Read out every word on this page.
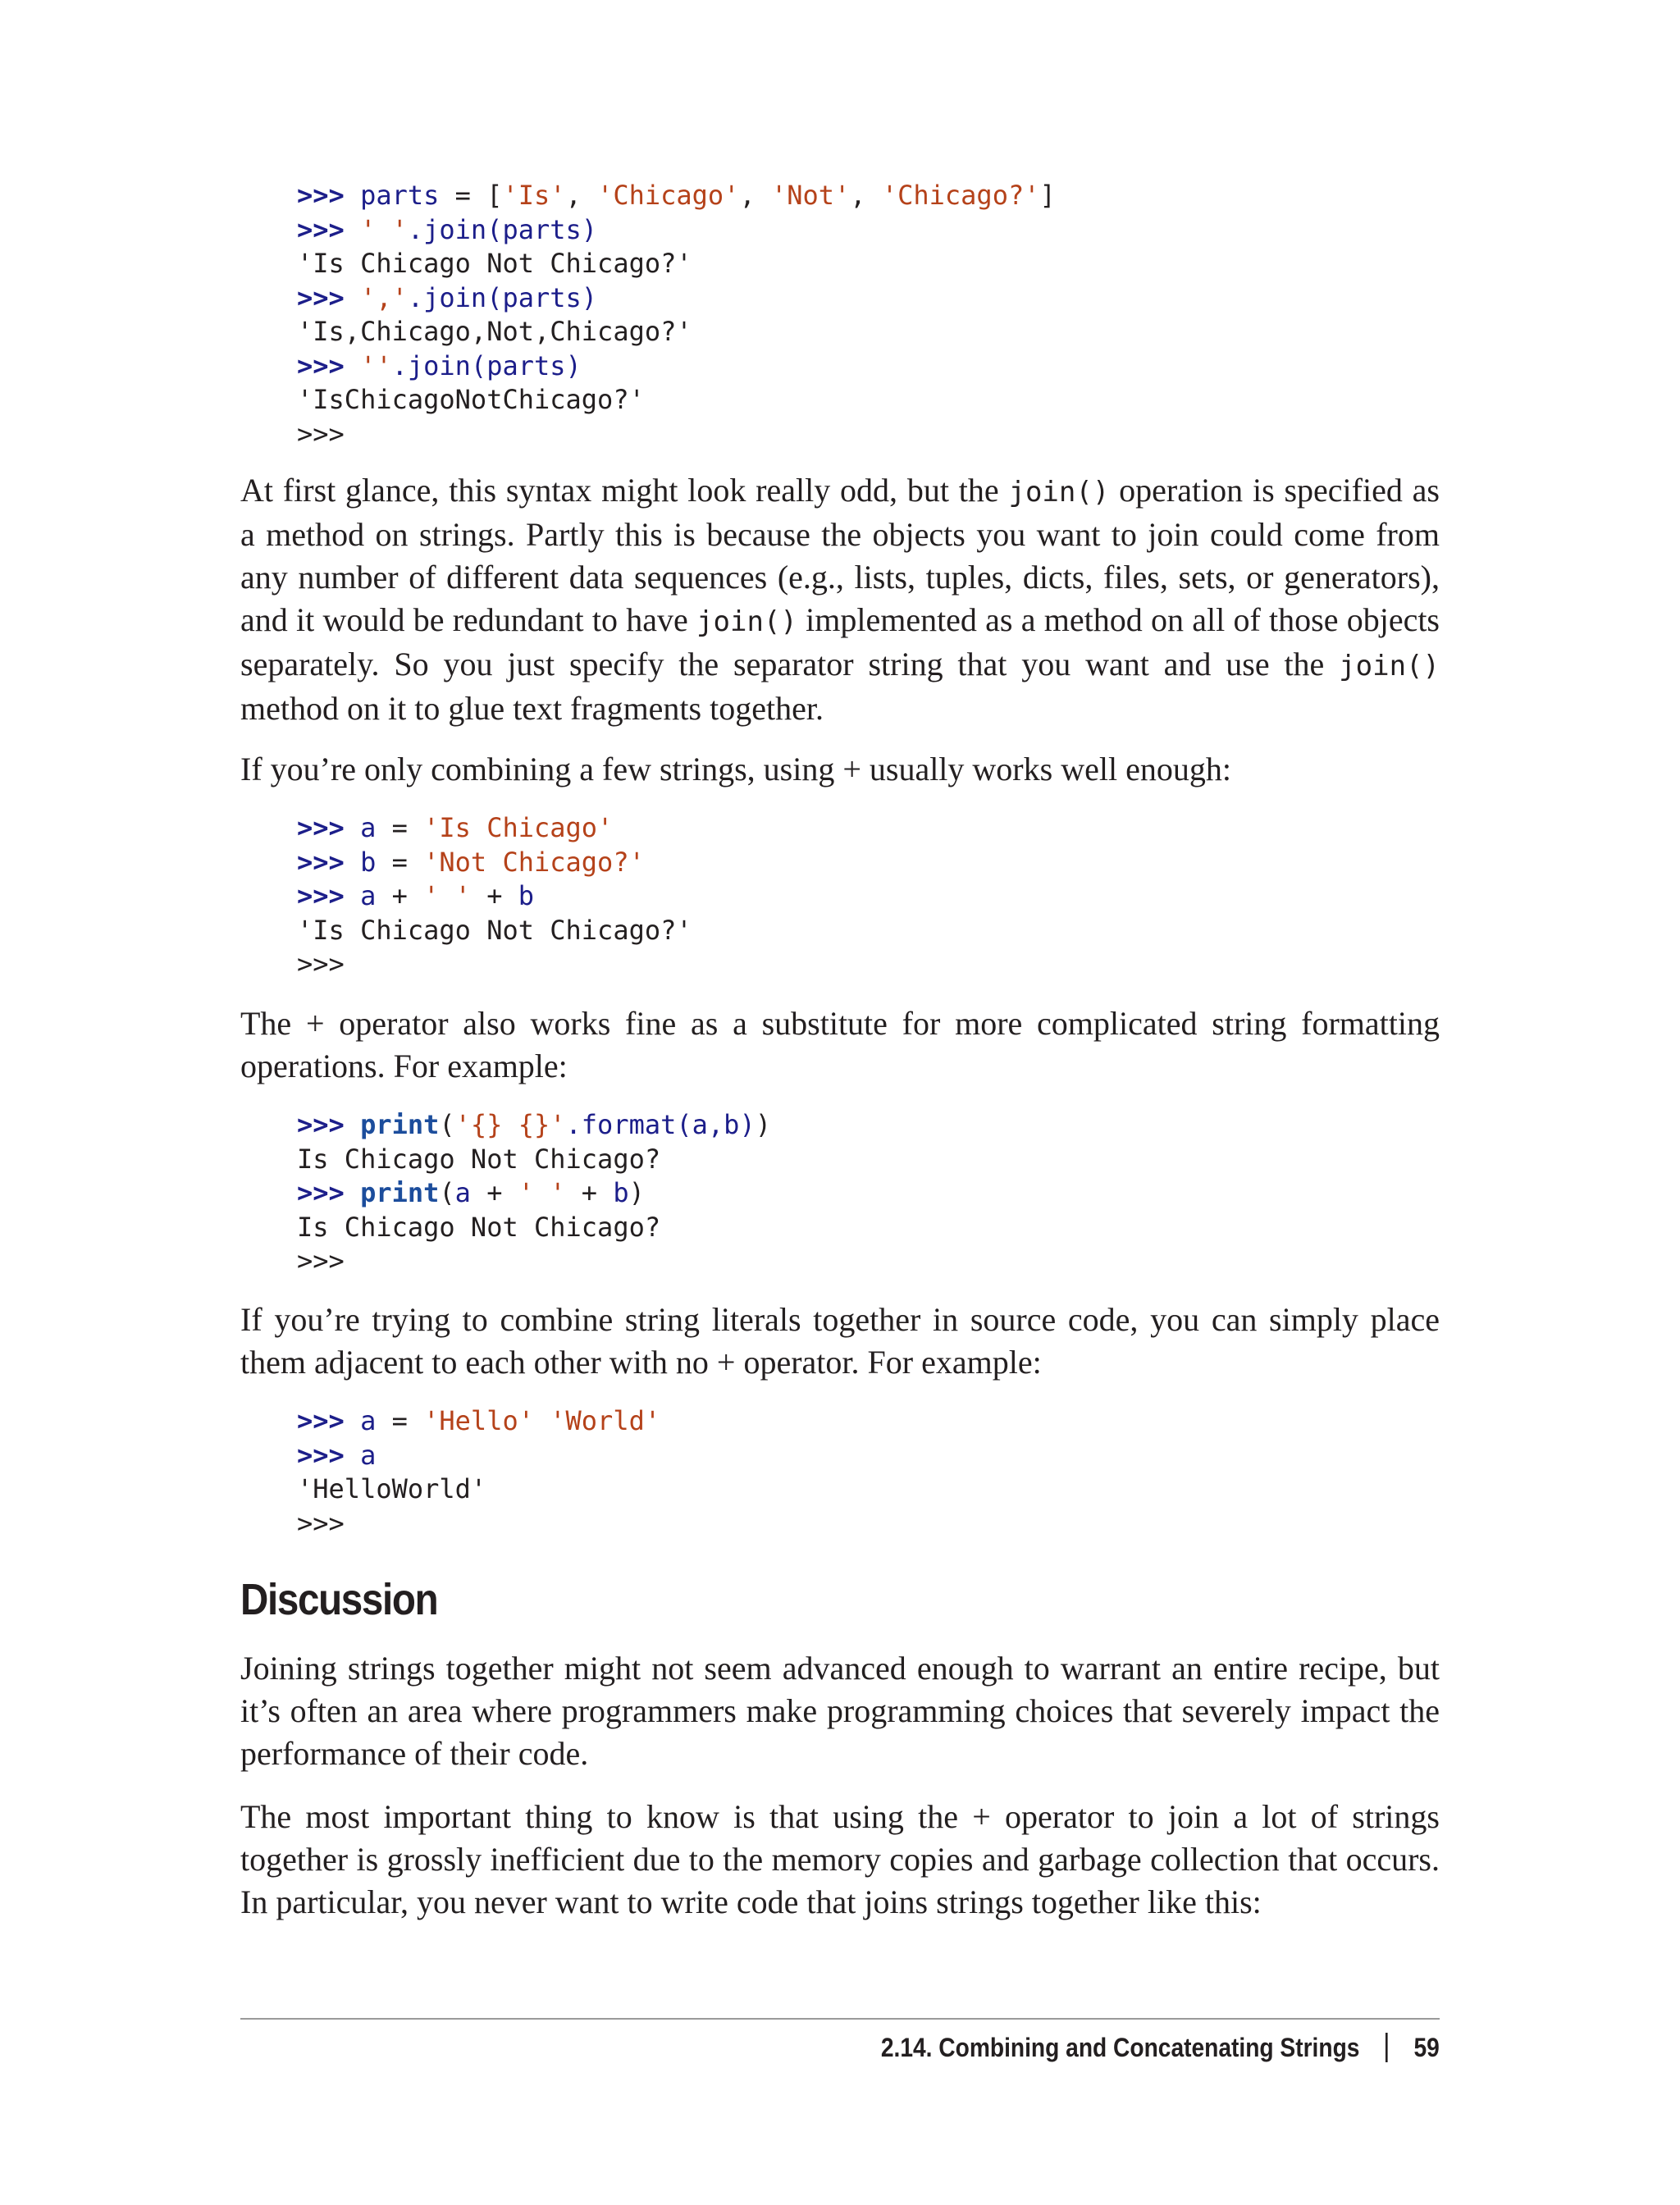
>>> parts = ['Is', 'Chicago', 'Not', 'Chicago?']
>>> ' '.join(parts)
'Is Chicago Not Chicago?'
>>> ','.join(parts)
'Is,Chicago,Not,Chicago?'
>>> ''.join(parts)
'IsChicagoNotChicago?'
>>>
At first glance, this syntax might look really odd, but the join() operation is specified as a method on strings. Partly this is because the objects you want to join could come from any number of different data sequences (e.g., lists, tuples, dicts, files, sets, or generators), and it would be redundant to have join() implemented as a method on all of those objects separately. So you just specify the separator string that you want and use the join() method on it to glue text fragments together.
If you’re only combining a few strings, using + usually works well enough:
>>> a = 'Is Chicago'
>>> b = 'Not Chicago?'
>>> a + ' ' + b
'Is Chicago Not Chicago?'
>>>
The + operator also works fine as a substitute for more complicated string formatting operations. For example:
>>> print('{} {}'.format(a,b))
Is Chicago Not Chicago?
>>> print(a + ' ' + b)
Is Chicago Not Chicago?
>>>
If you’re trying to combine string literals together in source code, you can simply place them adjacent to each other with no + operator. For example:
>>> a = 'Hello' 'World'
>>> a
'HelloWorld'
>>>
Discussion
Joining strings together might not seem advanced enough to warrant an entire recipe, but it’s often an area where programmers make programming choices that severely impact the performance of their code.
The most important thing to know is that using the + operator to join a lot of strings together is grossly inefficient due to the memory copies and garbage collection that occurs. In particular, you never want to write code that joins strings together like this:
2.14. Combining and Concatenating Strings 59
